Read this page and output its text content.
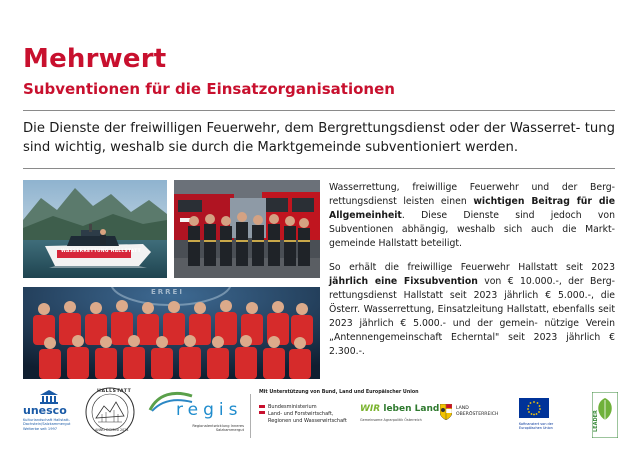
Mehrwert
Subventionen für die Einsatzorganisationen
Die Dienste der freiwilligen Feuerwehr, dem Bergrettungsdienst oder der Wasserret- tung sind wichtig, weshalb sie durch die Marktgemeinde subventioniert werden.
WASSERRETTUNG HALLSTATT
ERREI

Wasserrettung, freiwillige Feuerwehr und der Berg- rettungsdienst leisten einen wichtigen Beitrag für die Allgemeinheit. Diese Dienste sind jedoch von Subventionen abhängig, weshalb sich auch die Markt- gemeinde Hallstatt beteiligt.

So erhält die freiwillige Feuerwehr Hallstatt seit 2023 jährlich eine Fixsubvention von € 10.000.-, der Berg- rettungsdienst Hallstatt seit 2023 jährlich € 5.000.-, die Österr. Wasserrettung, Einsatzleitung Hallstatt, ebenfalls seit 2023 jährlich € 5.000.- und der gemein- nützige Verein „Antennengemeinschaft Echerntal" seit 2023 jährlich € 2.300.-.

unesco
Kulturlandschaft Hallstatt-Dachstein/Salzkammergut Welterbe seit 1997
HALLSTATT
ANNO DOMINI 2024
regis
Regionalentwicklung Inneres Salzkammergut
Mit Unterstützung von Bund, Land und Europäischer Union
Bundesministerium
Land- und Forstwirtschaft,
Regionen und Wasserwirtschaft
WIR leben Land
Gemeinsame Agrarpolitik Österreich
LAND
OBERÖSTERREICH
Kofinanziert von der Europäischen Union	LEADER
